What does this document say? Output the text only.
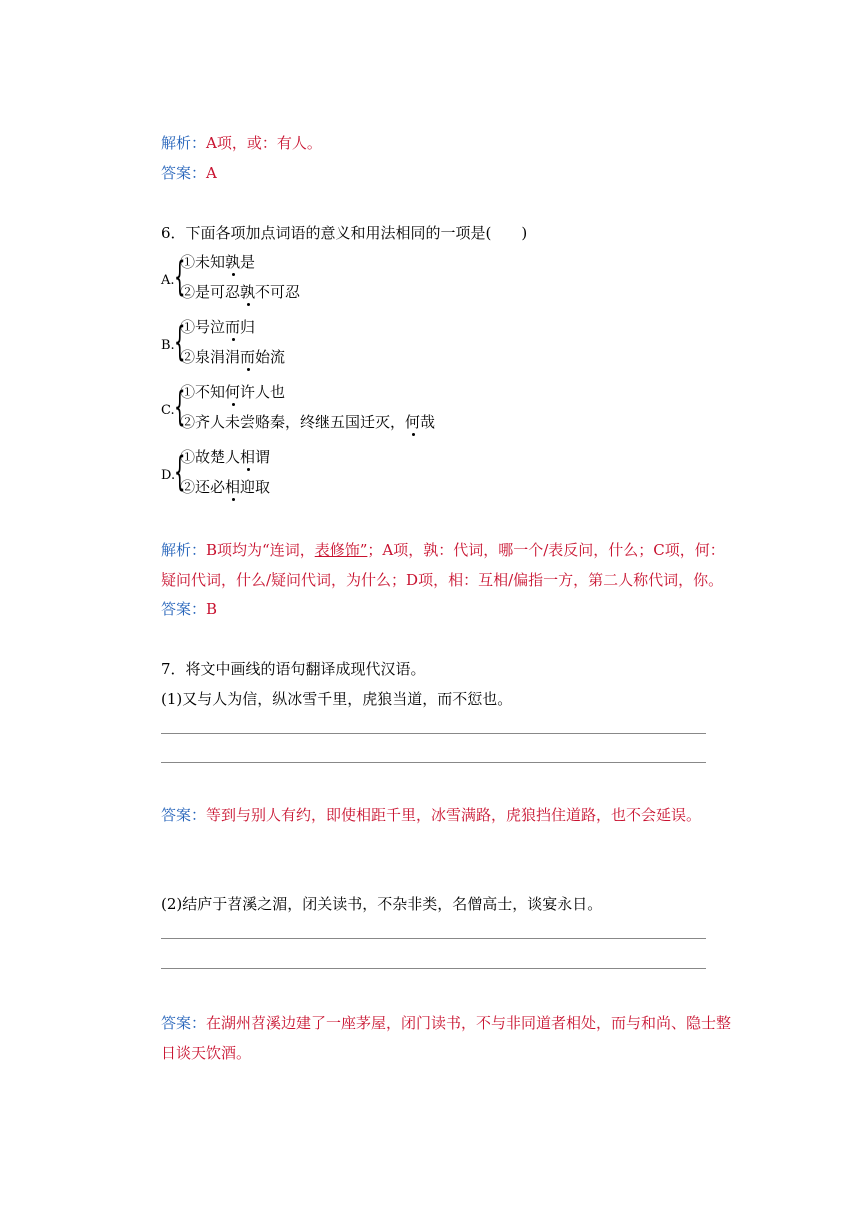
解析：A项，或：有人。
答案：A
6．下面各项加点词语的意义和用法相同的一项是(　　)
A. {
①未知孰是
②是可忍孰不可忍
B. {
①号泣而归
②泉涓涓而始流
C. {
①不知何许人也
②齐人未尝赂秦，终继五国迁灭，何哉
D.
{
①故楚人相谓
②还必相迎取
解析：B项均为“连词，表修饰”；A项，孰：代词，哪一个/表反问，什么；C项，何：
疑问代词，什么/疑问代词，为什么；D项，相：互相/偏指一方，第二人称代词，你。
答案：B
7．将文中画线的语句翻译成现代汉语。
(1)又与人为信，纵冰雪千里，虎狼当道，而不愆也。
答案：等到与别人有约，即使相距千里，冰雪满路，虎狼挡住道路，也不会延误。
(2)结庐于苕溪之湄，闭关读书，不杂非类，名僧高士，谈宴永日。
答案：在湖州苕溪边建了一座茅屋，闭门读书，不与非同道者相处，而与和尚、隐士整
日谈天饮酒。
